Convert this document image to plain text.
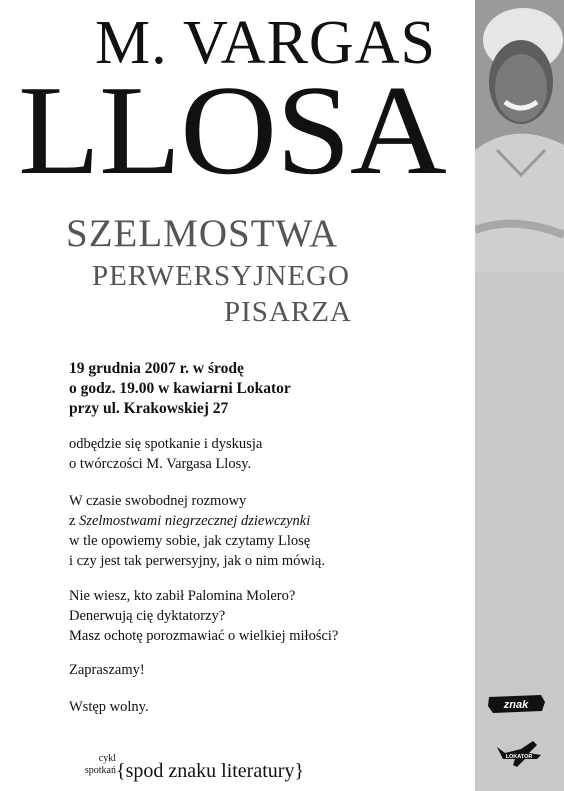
M. VARGAS
LLOSA
SZELMOSTWA
PERWERSYJNEGO
PISARZA
19 grudnia 2007 r. w środę
o godz. 19.00 w kawiarni Lokator
przy ul. Krakowskiej 27
odbędzie się spotkanie i dyskusja
o twórczości M. Vargasa Llosy.
W czasie swobodnej rozmowy
z Szelmostwami niegrzecznej dziewczynki
w tle opowiemy sobie, jak czytamy Llosę
i czy jest tak perwersyjny, jak o nim mówią.
Nie wiesz, kto zabił Palomina Molero?
Denerwują cię dyktatorzy?
Masz ochotę porozmawiać o wielkiej miłości?
Zapraszamy!
Wstęp wolny.
cykl
spotkań {spod znaku literatury}
znak
LOKATOR
